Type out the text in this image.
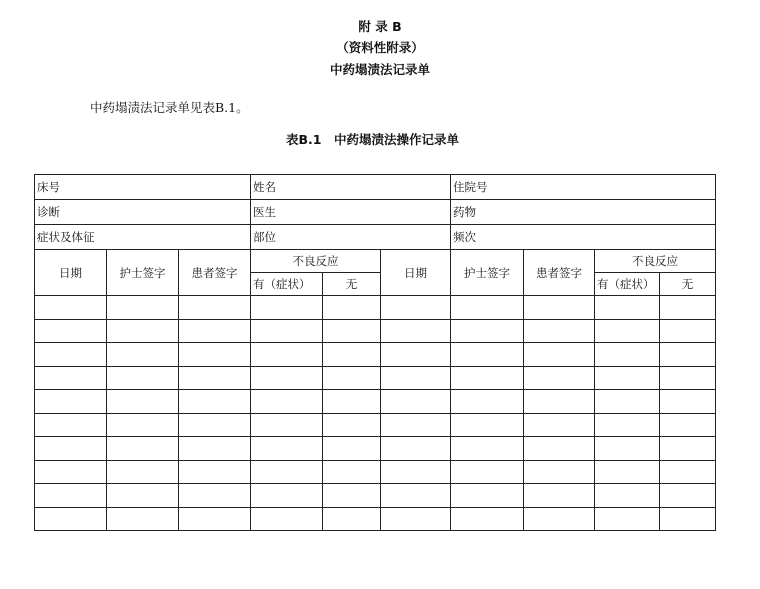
附 录 B
（资料性附录）
中药塌渍法记录单
中药塌渍法记录单见表B.1。
表B.1　中药塌渍法操作记录单
床号			姓名			住院号			
诊断			医生			药物			
症状及体征			部位			频次			
日期	护士签字	患者签字	不良反应		日期	护士签字	患者签字	不良反应	
			有（症状）	无				有（症状）	无
